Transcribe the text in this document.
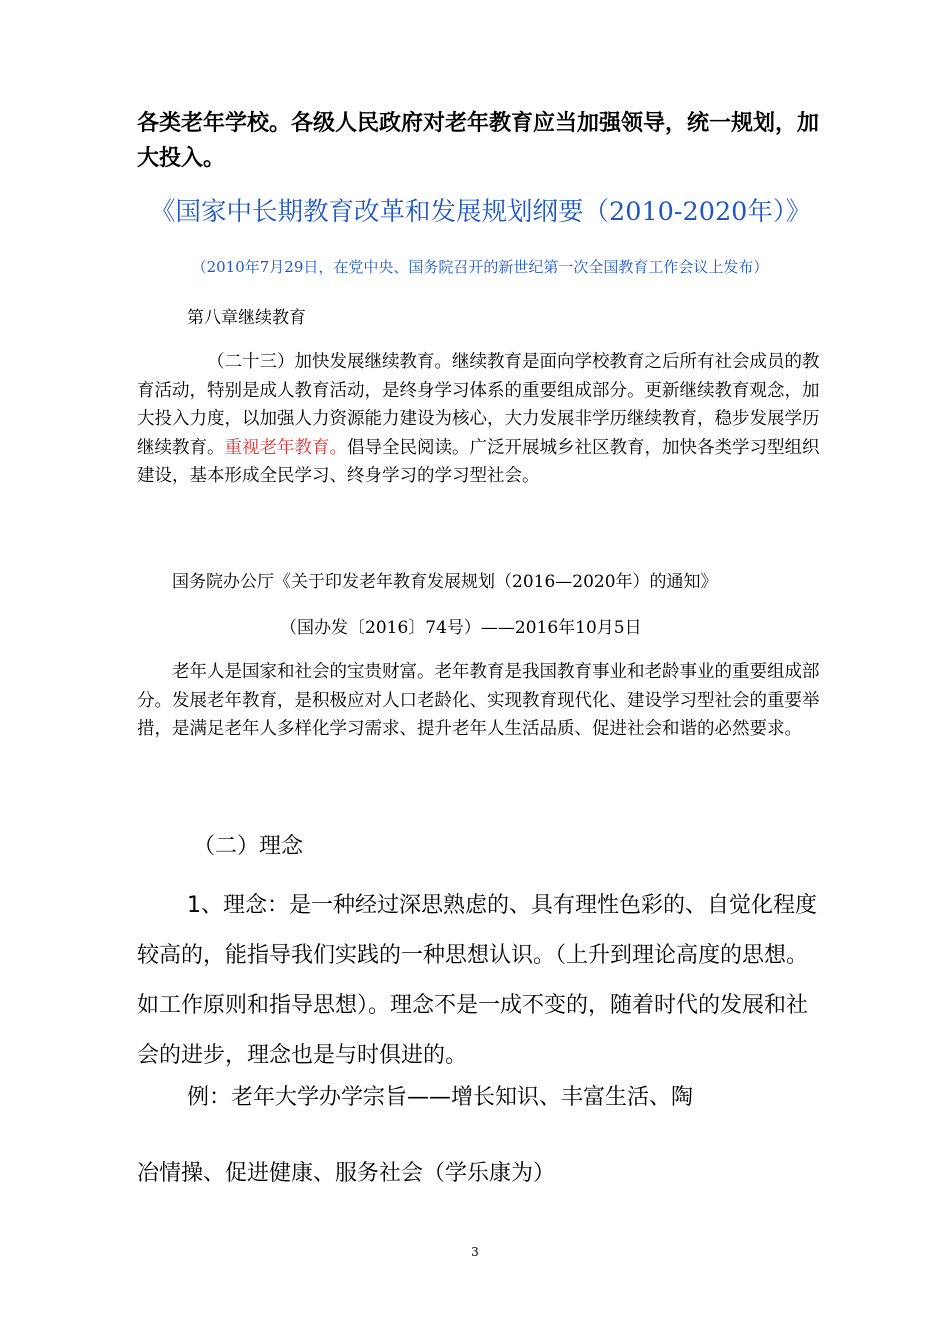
各类老年学校。各级人民政府对老年教育应当加强领导，统一规划，加大投入。

《国家中长期教育改革和发展规划纲要（2010-2020年）》
（2010年7月29日，在党中央、国务院召开的新世纪第一次全国教育工作会议上发布）
第八章继续教育

（二十三）加快发展继续教育。继续教育是面向学校教育之后所有社会成员的教育活动，特别是成人教育活动，是终身学习体系的重要组成部分。更新继续教育观念，加大投入力度，以加强人力资源能力建设为核心，大力发展非学历继续教育，稳步发展学历继续教育。重视老年教育。倡导全民阅读。广泛开展城乡社区教育，加快各类学习型组织建设，基本形成全民学习、终身学习的学习型社会。

国务院办公厅《关于印发老年教育发展规划（2016—2020年）的通知》
（国办发〔2016〕74号）——2016年10月5日

老年人是国家和社会的宝贵财富。老年教育是我国教育事业和老龄事业的重要组成部分。发展老年教育，是积极应对人口老龄化、实现教育现代化、建设学习型社会的重要举措，是满足老年人多样化学习需求、提升老年人生活品质、促进社会和谐的必然要求。

（二）理念

1、理念：是一种经过深思熟虑的、具有理性色彩的、自觉化程度较高的，能指导我们实践的一种思想认识。（上升到理论高度的思想。如工作原则和指导思想）。理念不是一成不变的，随着时代的发展和社会的进步，理念也是与时俱进的。

例：老年大学办学宗旨——增长知识、丰富生活、陶
冶情操、促进健康、服务社会（学乐康为）
3
